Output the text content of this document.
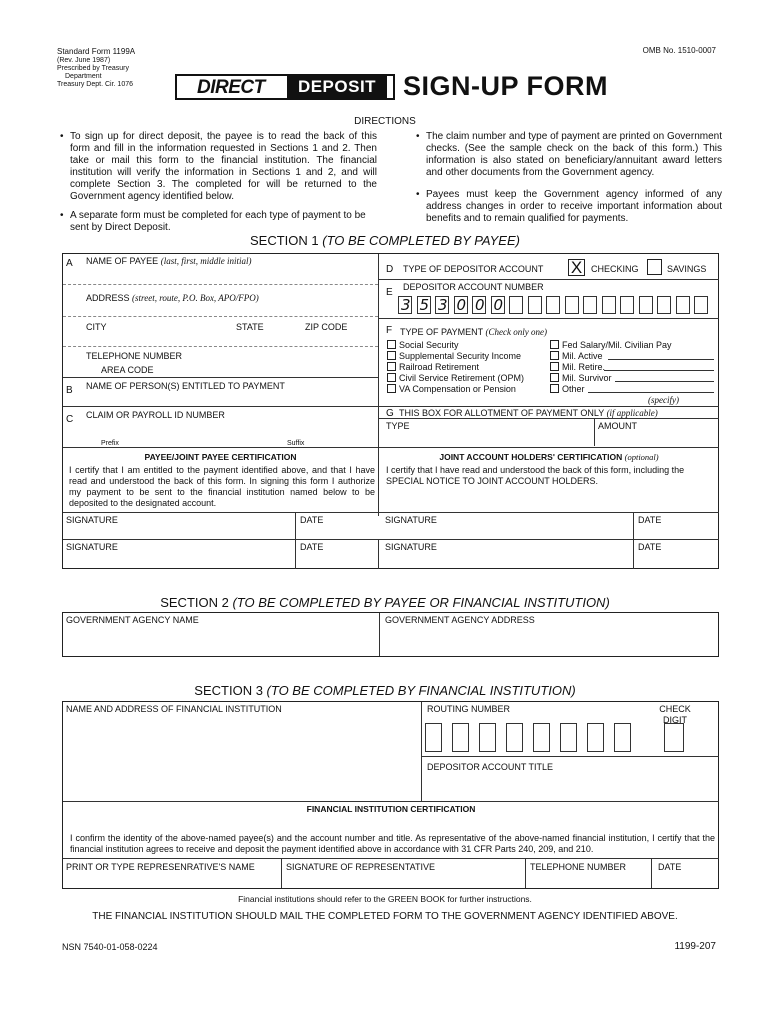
Standard Form 1199A
(Rev. June 1987)
Prescribed by Treasury
Department
Treasury Dept. Cir. 1076
OMB No. 1510-0007
DIRECT	DEPOSIT SIGN-UP FORM
DIRECTIONS
• To sign up for direct deposit, the payee is to read the back of this form and fill in the information requested in Sections 1 and 2. Then take or mail this form to the financial institution. The financial institution will verify the information in Sections 1 and 2, and will complete Section 3. The completed for will be returned to the Government agency identified below.
• A separate form must be completed for each type of payment to be sent by Direct Deposit.
• The claim number and type of payment are printed on Government checks. (See the sample check on the back of this form.) This information is also stated on beneficiary/annuitant award letters and other documents from the Government agency.
• Payees must keep the Government agency informed of any address changes in order to receive important information about benefits and to remain qualified for payments.
SECTION 1 (TO BE COMPLETED BY PAYEE)
A NAME OF PAYEE (last, first, middle initial)
ADDRESS (street, route, P.O. Box, APO/FPO)
CITY	STATE	ZIP CODE
TELEPHONE NUMBER
AREA CODE
B NAME OF PERSON(S) ENTITLED TO PAYMENT
C CLAIM OR PAYROLL ID NUMBER
Prefix	Suffix
D TYPE OF DEPOSITOR ACCOUNT X CHECKING	SAVINGS
E DEPOSITOR ACCOUNT NUMBER
3 5 3 0 0 0
F TYPE OF PAYMENT (Check only one)
Social Security
Supplemental Security Income
Railroad Retirement
Civil Service Retirement (OPM)
VA Compensation or Pension
Fed Salary/Mil. Civilian Pay
Mil. Active
Mil. Retire.
Mil. Survivor
Other
(specify)
G THIS BOX FOR ALLOTMENT OF PAYMENT ONLY (if applicable)
TYPE	AMOUNT
PAYEE/JOINT PAYEE CERTIFICATION
I certify that I am entitled to the payment identified above, and that I have read and understood the back of this form. In signing this form I authorize my payment to be sent to the financial institution named below to be deposited to the designated account.
JOINT ACCOUNT HOLDERS' CERTIFICATION (optional)
I certify that I have read and understood the back of this form, including the SPECIAL NOTICE TO JOINT ACCOUNT HOLDERS.
SIGNATURE	DATE	SIGNATURE	DATE
SIGNATURE	DATE	SIGNATURE	DATE
SECTION 2 (TO BE COMPLETED BY PAYEE OR FINANCIAL INSTITUTION)
GOVERNMENT AGENCY NAME	GOVERNMENT AGENCY ADDRESS
SECTION 3 (TO BE COMPLETED BY FINANCIAL INSTITUTION)
NAME AND ADDRESS OF FINANCIAL INSTITUTION	ROUTING NUMBER	CHECK
DIGIT
DEPOSITOR ACCOUNT TITLE
FINANCIAL INSTITUTION CERTIFICATION
I confirm the identity of the above-named payee(s) and the account number and title. As representative of the above-named financial institution, I certify that the financial institution agrees to receive and deposit the payment identified above in accordance with 31 CFR Parts 240, 209, and 210.
PRINT OR TYPE REPRESENRATIVE'S NAME	SIGNATURE OF REPRESENTATIVE	TELEPHONE NUMBER	DATE
Financial institutions should refer to the GREEN BOOK for further instructions.
THE FINANCIAL INSTITUTION SHOULD MAIL THE COMPLETED FORM TO THE GOVERNMENT AGENCY IDENTIFIED ABOVE.
NSN 7540-01-058-0224	1199-207
